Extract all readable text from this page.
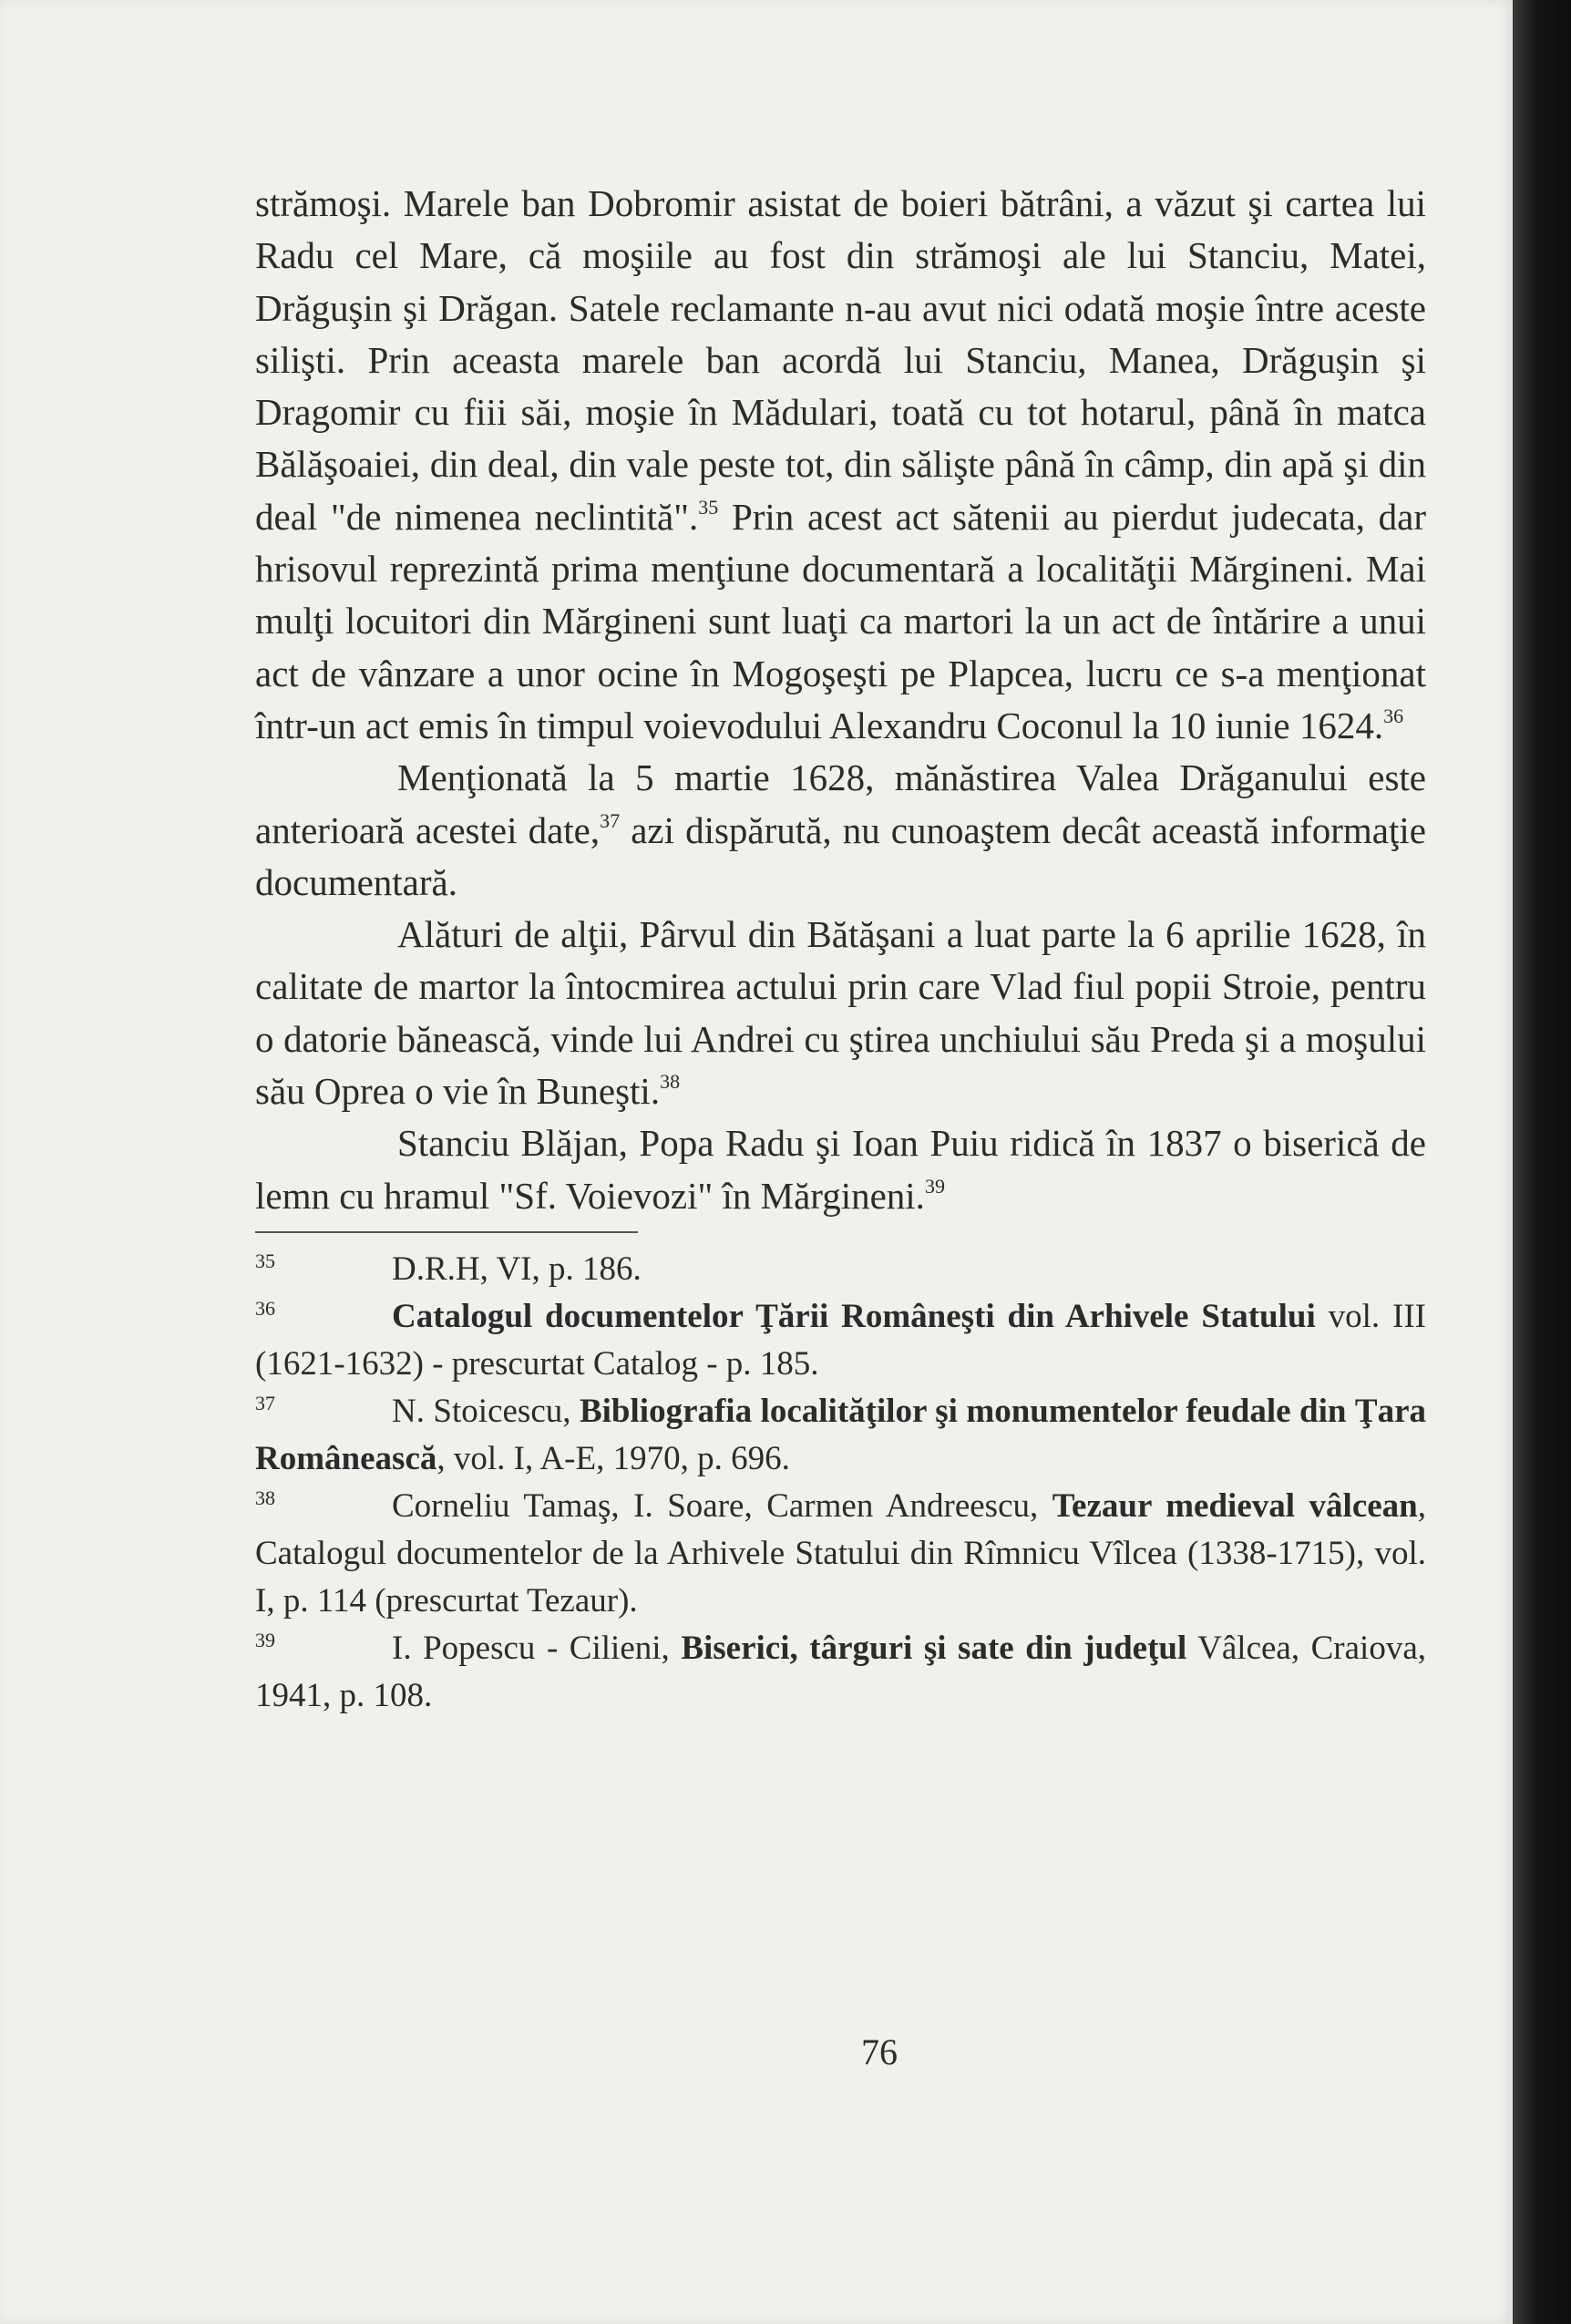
strămoşi. Marele ban Dobromir asistat de boieri bătrâni, a văzut şi cartea lui Radu cel Mare, că moşiile au fost din strămoşi ale lui Stanciu, Matei, Drăguşin şi Drăgan. Satele reclamante n-au avut nici odată moşie între aceste silişti. Prin aceasta marele ban acordă lui Stanciu, Manea, Drăguşin şi Dragomir cu fiii săi, moşie în Mădulari, toată cu tot hotarul, până în matca Bălăşoaiei, din deal, din vale peste tot, din sălişte până în câmp, din apă şi din deal "de nimenea neclintită".$^{35}$ Prin acest act sătenii au pierdut judecata, dar hrisovul reprezintă prima menţiune documentară a localităţii Mărgineni. Mai mulţi locuitori din Mărgineni sunt luaţi ca martori la un act de întărire a unui act de vânzare a unor ocine în Mogoşeşti pe Plapcea, lucru ce s-a menţionat într-un act emis în timpul voievodului Alexandru Coconul la 10 iunie 1624.36

Menţionată la 5 martie 1628, mănăstirea Valea Drăganului este anterioară acestei date,$^{37}$ azi dispărută, nu cunoaştem decât această informaţie documentară.

Alături de alţii, Pârvul din Bătăşani a luat parte la 6 aprilie 1628, în calitate de martor la întocmirea actului prin care Vlad fiul popii Stroie, pentru o datorie bănească, vinde lui Andrei cu ştirea unchiului său Preda şi a moşului său Oprea o vie în Buneşti.$^{38}$

Stanciu Blăjan, Popa Radu şi Ioan Puiu ridică în 1837 o biserică de lemn cu hramul "Sf. Voievozi" în Mărgineni.$^{39}$

35	D.R.H, VI, p. 186.

36	Catalogul documentelor Ţării Româneşti din Arhivele Statului vol. III (1621-1632) - prescurtat Catalog - p. 185.

37	N. Stoicescu, Bibliografia localităţilor şi monumentelor feudale din Ţara Românească, vol. I, A-E, 1970, p. 696.

38	Corneliu Tamaş, I. Soare, Carmen Andreescu, Tezaur medieval vâlcean, Catalogul documentelor de la Arhivele Statului din Rîmnicu Vîlcea (1338-1715), vol. I, p. 114 (prescurtat Tezaur).

39	I. Popescu - Cilieni, Biserici, târguri şi sate din judeţul Vâlcea, Craiova, 1941, p. 108.

76
